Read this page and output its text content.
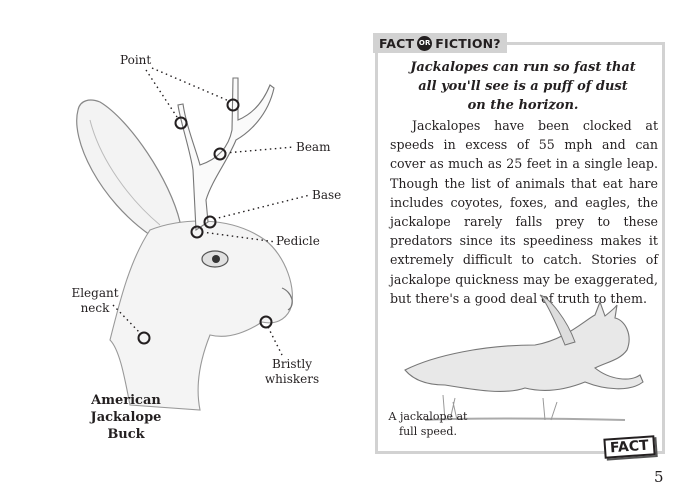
Point
Beam
Base
Pedicle
Elegant
neck
Bristly
whiskers
American
Jackalope
Buck
FACT OR FICTION?
Jackalopes can run so fast that
all you'll see is a puff of dust
on the horizon.

Jackalopes have been clocked at speeds in excess of 55 mph and can cover as much as 25 feet in a single leap. Though the list of animals that eat hare includes coyotes, foxes, and eagles, the jackalope rarely falls prey to these predators since its speediness makes it extremely difficult to catch. Stories of jackalope quickness may be exaggerated, but there's a good deal of truth to them.

A jackalope at
full speed.
FACT
5
